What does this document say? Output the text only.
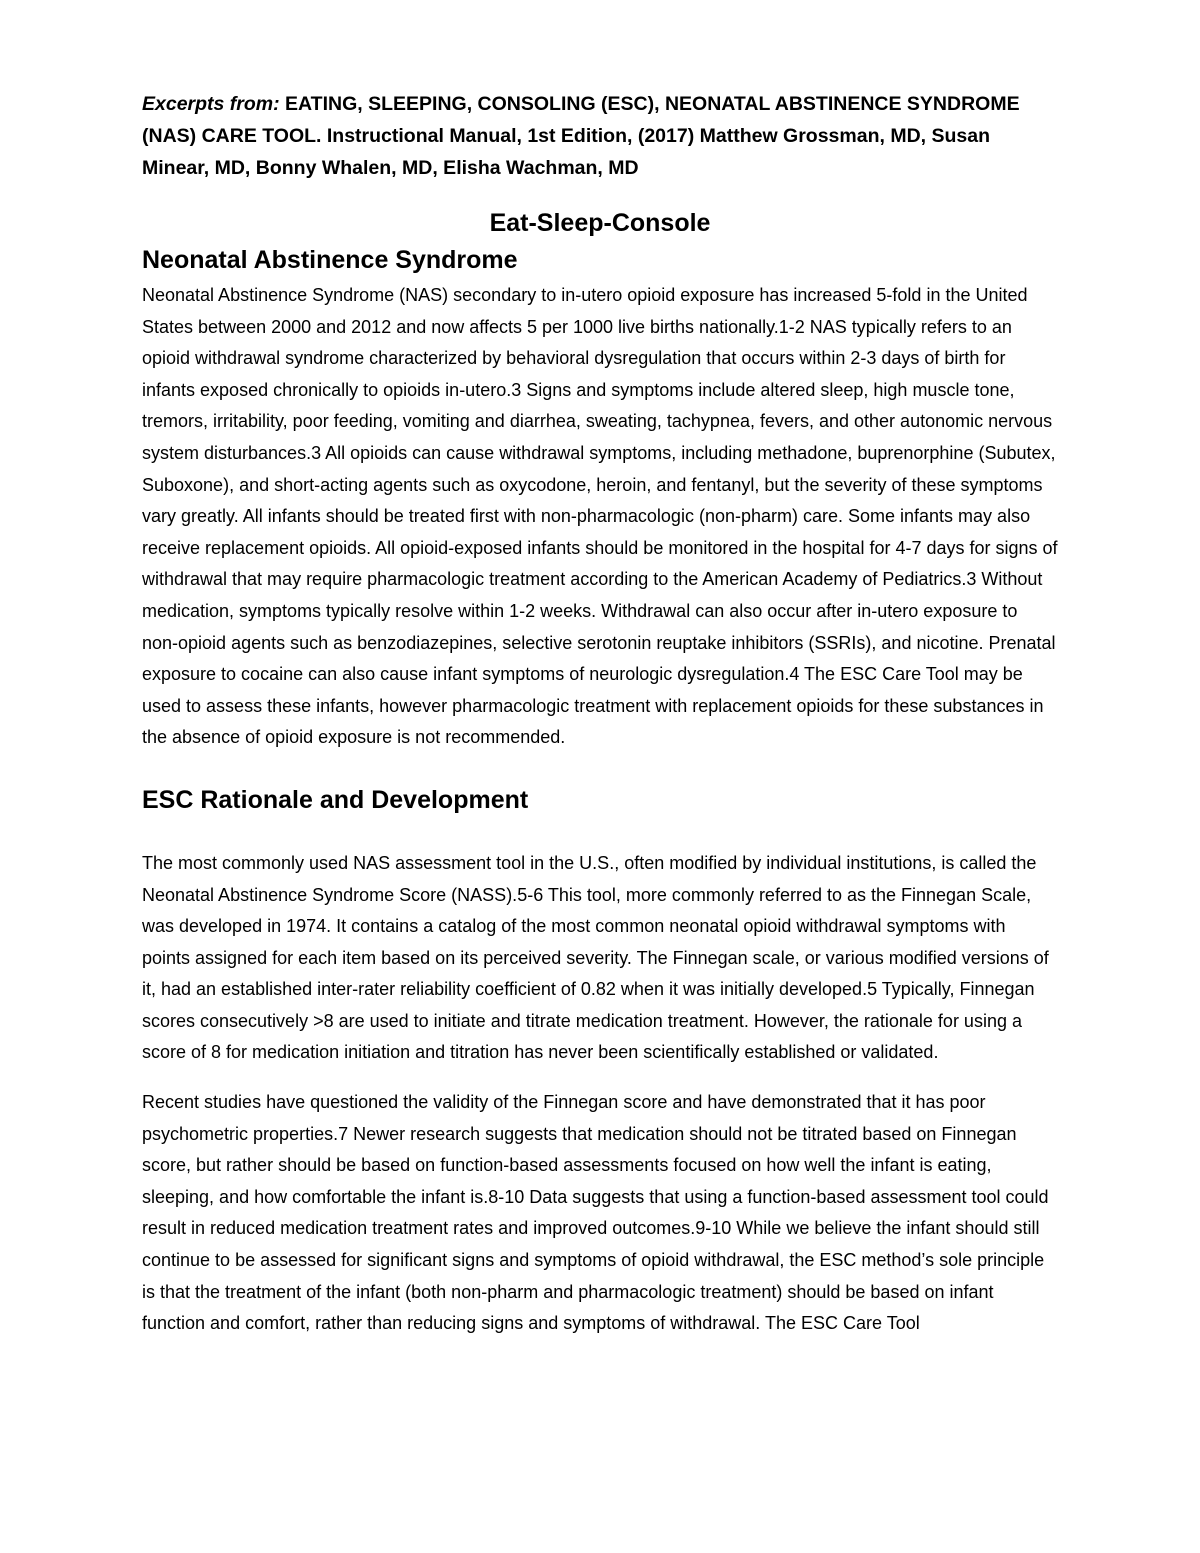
Excerpts from: EATING, SLEEPING, CONSOLING (ESC), NEONATAL ABSTINENCE SYNDROME (NAS) CARE TOOL. Instructional Manual, 1st Edition, (2017) Matthew Grossman, MD, Susan Minear, MD, Bonny Whalen, MD, Elisha Wachman, MD

Eat-Sleep-Console
Neonatal Abstinence Syndrome

Neonatal Abstinence Syndrome (NAS) secondary to in-utero opioid exposure has increased 5-fold in the United States between 2000 and 2012 and now affects 5 per 1000 live births nationally.1-2 NAS typically refers to an opioid withdrawal syndrome characterized by behavioral dysregulation that occurs within 2-3 days of birth for infants exposed chronically to opioids in-utero.3 Signs and symptoms include altered sleep, high muscle tone, tremors, irritability, poor feeding, vomiting and diarrhea, sweating, tachypnea, fevers, and other autonomic nervous system disturbances.3 All opioids can cause withdrawal symptoms, including methadone, buprenorphine (Subutex, Suboxone), and short-acting agents such as oxycodone, heroin, and fentanyl, but the severity of these symptoms vary greatly. All infants should be treated first with non-pharmacologic (non-pharm) care. Some infants may also receive replacement opioids. All opioid-exposed infants should be monitored in the hospital for 4-7 days for signs of withdrawal that may require pharmacologic treatment according to the American Academy of Pediatrics.3 Without medication, symptoms typically resolve within 1-2 weeks. Withdrawal can also occur after in-utero exposure to non-opioid agents such as benzodiazepines, selective serotonin reuptake inhibitors (SSRIs), and nicotine. Prenatal exposure to cocaine can also cause infant symptoms of neurologic dysregulation.4 The ESC Care Tool may be used to assess these infants, however pharmacologic treatment with replacement opioids for these substances in the absence of opioid exposure is not recommended.

ESC Rationale and Development

The most commonly used NAS assessment tool in the U.S., often modified by individual institutions, is called the Neonatal Abstinence Syndrome Score (NASS).5-6 This tool, more commonly referred to as the Finnegan Scale, was developed in 1974. It contains a catalog of the most common neonatal opioid withdrawal symptoms with points assigned for each item based on its perceived severity. The Finnegan scale, or various modified versions of it, had an established inter-rater reliability coefficient of 0.82 when it was initially developed.5 Typically, Finnegan scores consecutively >8 are used to initiate and titrate medication treatment. However, the rationale for using a score of 8 for medication initiation and titration has never been scientifically established or validated.

Recent studies have questioned the validity of the Finnegan score and have demonstrated that it has poor psychometric properties.7 Newer research suggests that medication should not be titrated based on Finnegan score, but rather should be based on function-based assessments focused on how well the infant is eating, sleeping, and how comfortable the infant is.8-10 Data suggests that using a function-based assessment tool could result in reduced medication treatment rates and improved outcomes.9-10 While we believe the infant should still continue to be assessed for significant signs and symptoms of opioid withdrawal, the ESC method’s sole principle is that the treatment of the infant (both non-pharm and pharmacologic treatment) should be based on infant function and comfort, rather than reducing signs and symptoms of withdrawal. The ESC Care Tool
